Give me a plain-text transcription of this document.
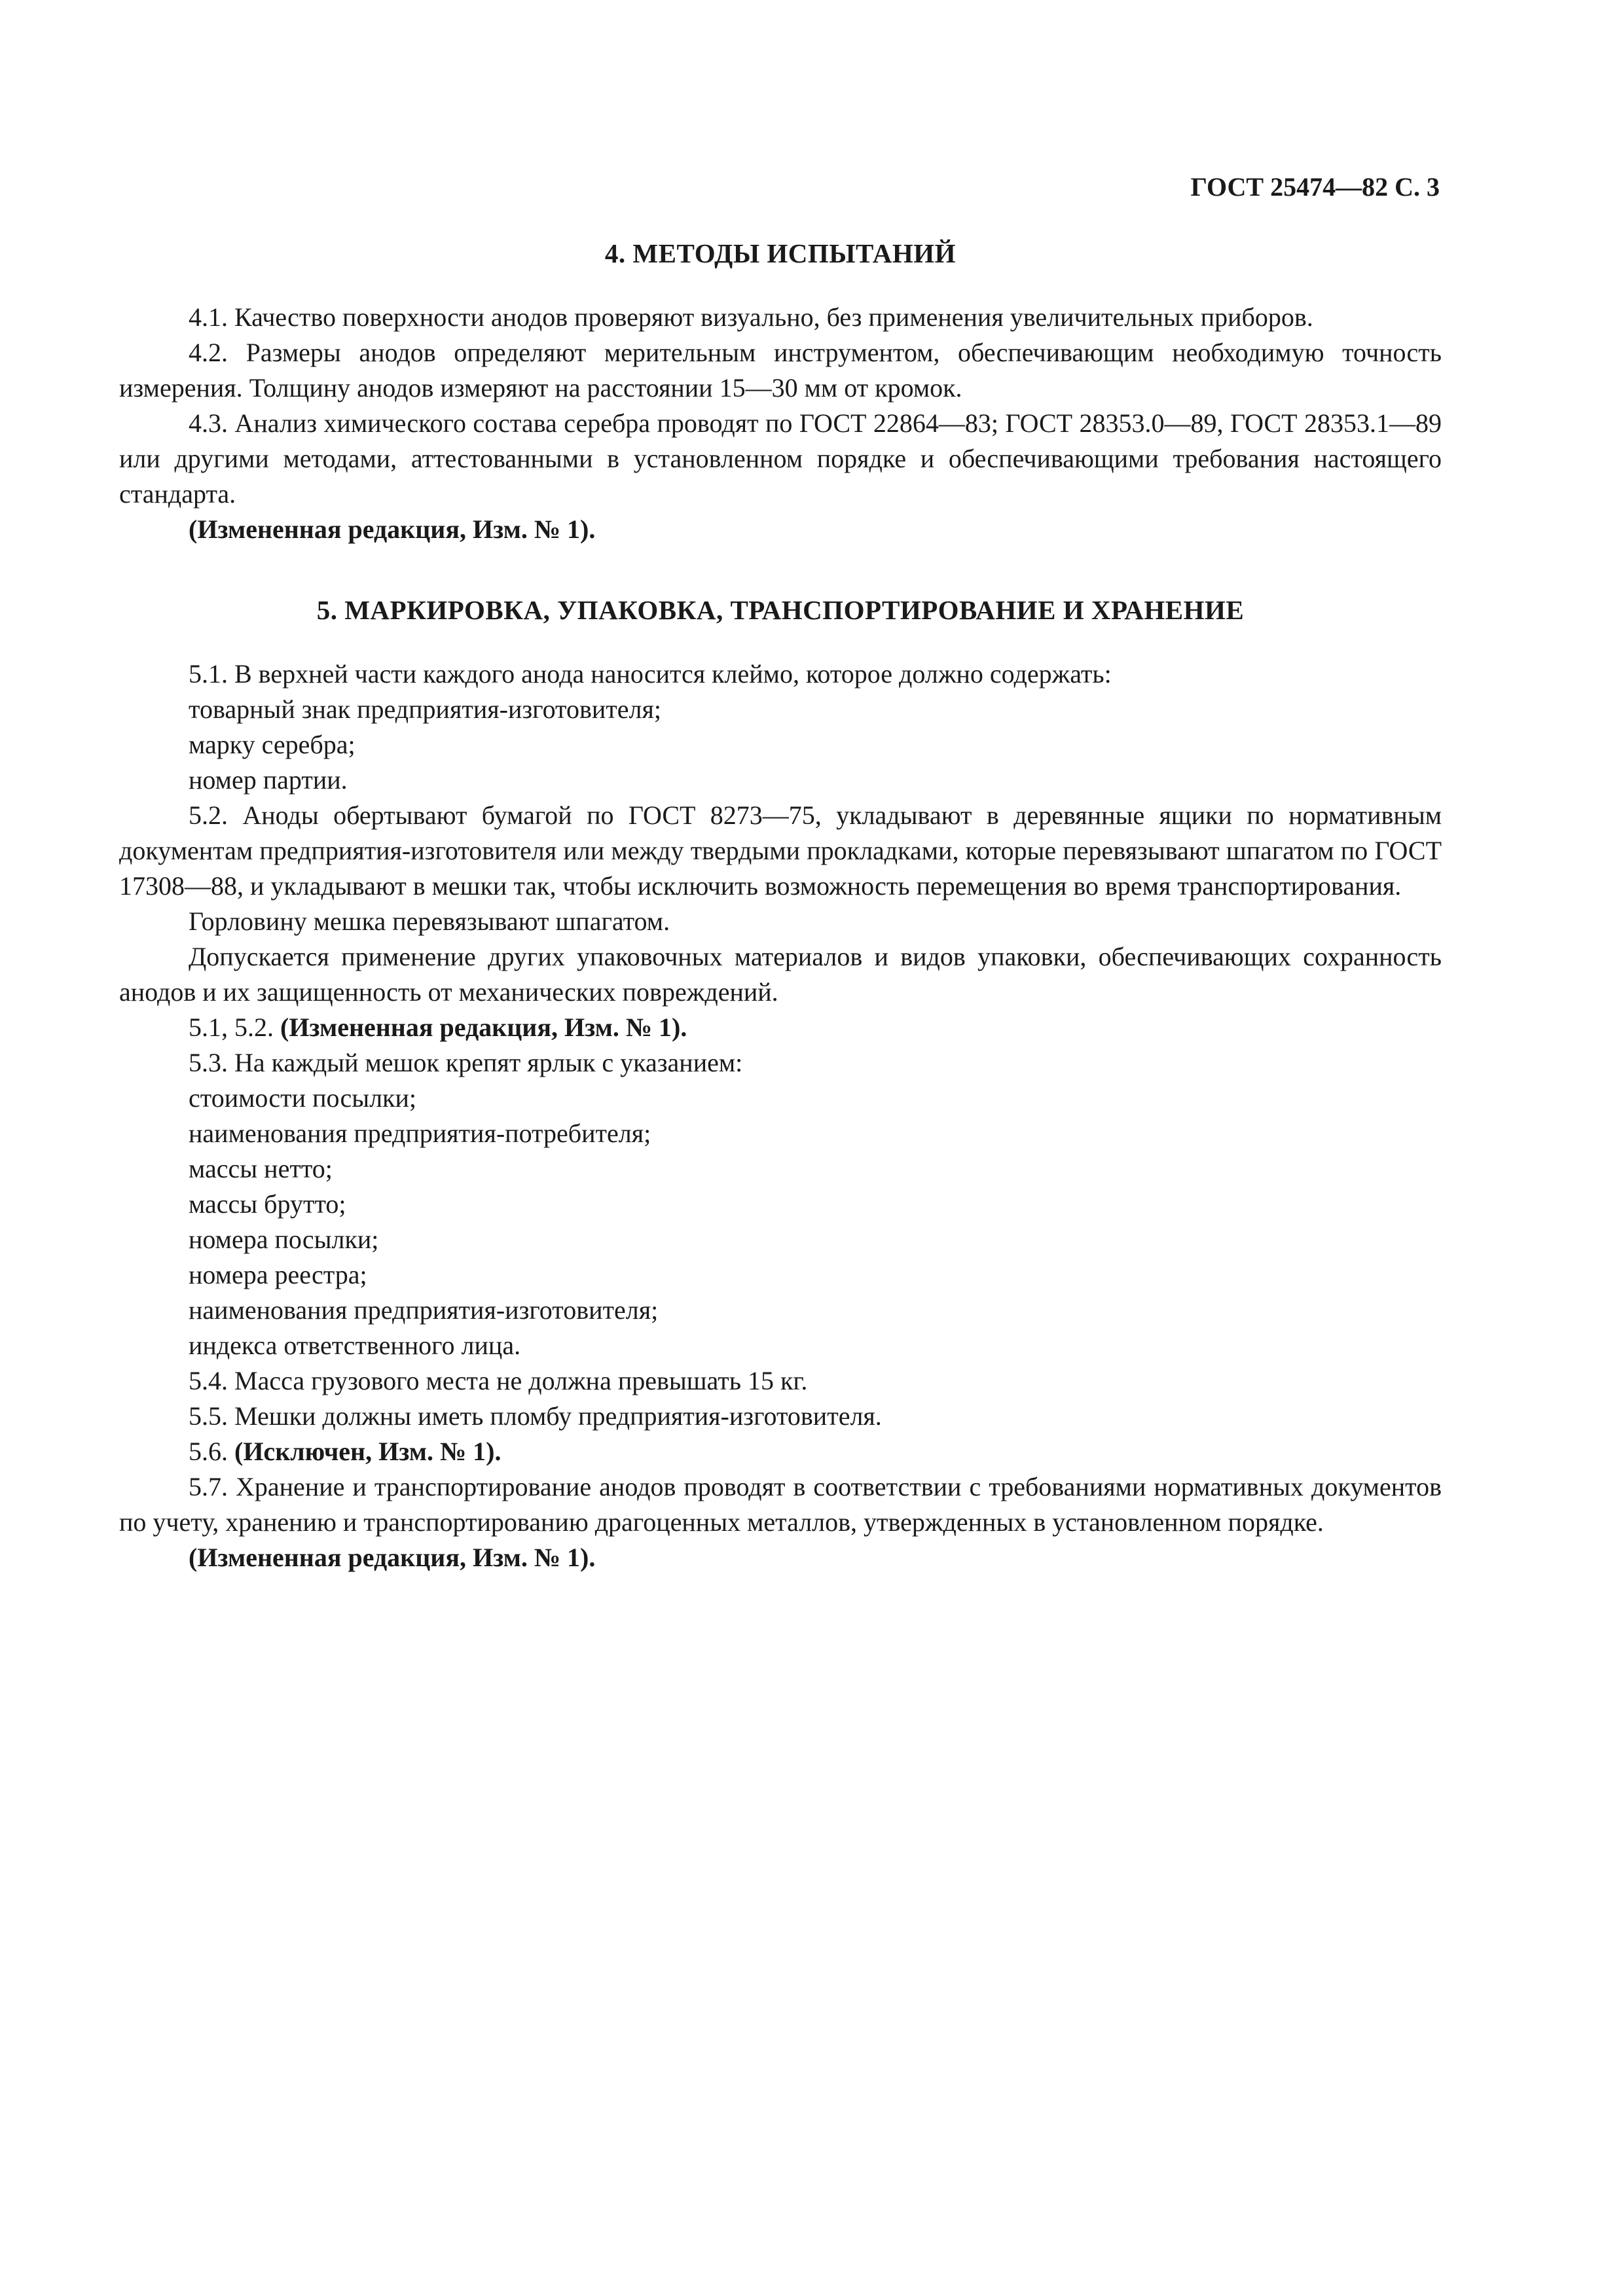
ГОСТ 25474—82 С. 3

4. МЕТОДЫ ИСПЫТАНИЙ

4.1. Качество поверхности анодов проверяют визуально, без применения увеличительных приборов.

4.2. Размеры анодов определяют мерительным инструментом, обеспечивающим необходимую точность измерения. Толщину анодов измеряют на расстоянии 15—30 мм от кромок.

4.3. Анализ химического состава серебра проводят по ГОСТ 22864—83; ГОСТ 28353.0—89, ГОСТ 28353.1—89 или другими методами, аттестованными в установленном порядке и обеспечивающими требования настоящего стандарта.

(Измененная редакция, Изм. № 1).

5. МАРКИРОВКА, УПАКОВКА, ТРАНСПОРТИРОВАНИЕ И ХРАНЕНИЕ

5.1. В верхней части каждого анода наносится клеймо, которое должно содержать:

товарный знак предприятия-изготовителя;

марку серебра;

номер партии.

5.2. Аноды обертывают бумагой по ГОСТ 8273—75, укладывают в деревянные ящики по нормативным документам предприятия-изготовителя или между твердыми прокладками, которые перевязывают шпагатом по ГОСТ 17308—88, и укладывают в мешки так, чтобы исключить возможность перемещения во время транспортирования.

Горловину мешка перевязывают шпагатом.

Допускается применение других упаковочных материалов и видов упаковки, обеспечивающих сохранность анодов и их защищенность от механических повреждений.

5.1, 5.2. (Измененная редакция, Изм. № 1).

5.3. На каждый мешок крепят ярлык с указанием:

стоимости посылки;

наименования предприятия-потребителя;

массы нетто;

массы брутто;

номера посылки;

номера реестра;

наименования предприятия-изготовителя;

индекса ответственного лица.

5.4. Масса грузового места не должна превышать 15 кг.

5.5. Мешки должны иметь пломбу предприятия-изготовителя.

5.6. (Исключен, Изм. № 1).

5.7. Хранение и транспортирование анодов проводят в соответствии с требованиями нормативных документов по учету, хранению и транспортированию драгоценных металлов, утвержденных в установленном порядке.

(Измененная редакция, Изм. № 1).
